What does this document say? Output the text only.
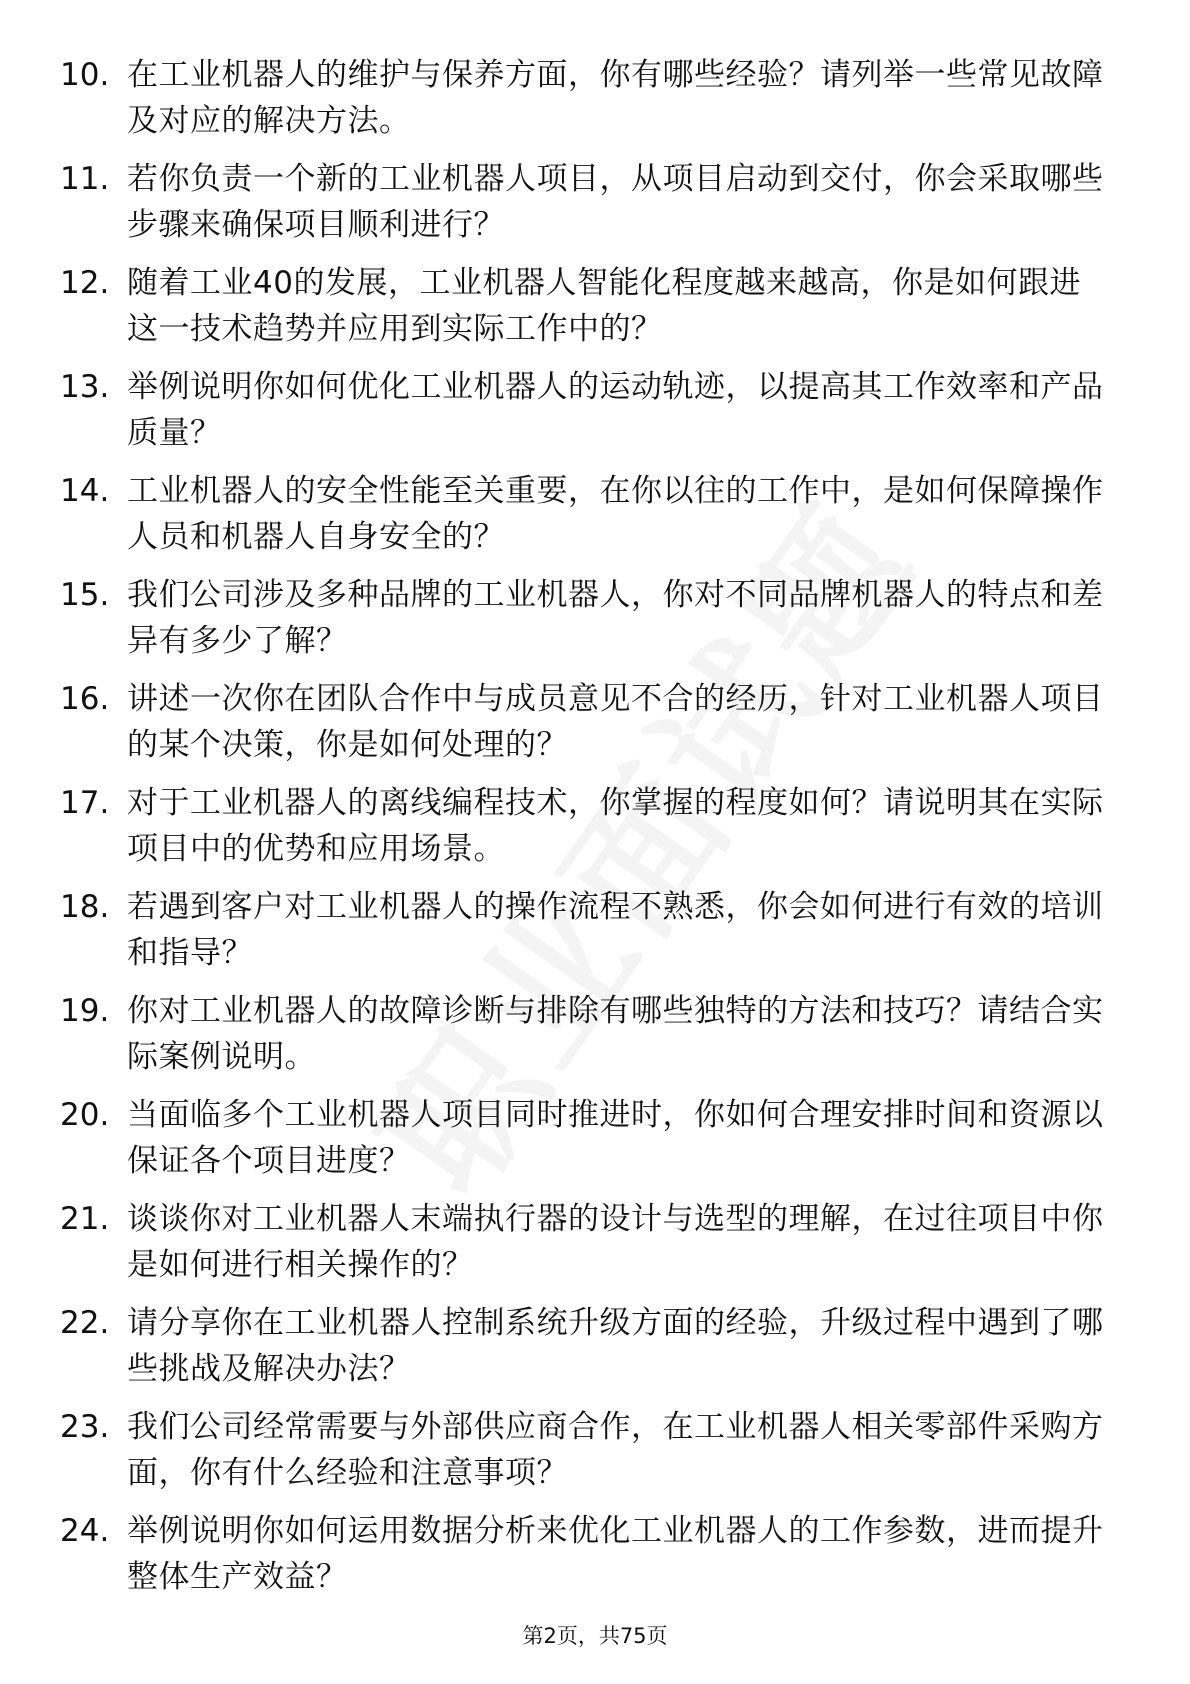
10. 在工业机器人的维护与保养方面，你有哪些经验？请列举一些常见故障及对应的解决方法。
11. 若你负责一个新的工业机器人项目，从项目启动到交付，你会采取哪些步骤来确保项目顺利进行？
12. 随着工业40的发展，工业机器人智能化程度越来越高，你是如何跟进这一技术趋势并应用到实际工作中的？
13. 举例说明你如何优化工业机器人的运动轨迹，以提高其工作效率和产品质量？
14. 工业机器人的安全性能至关重要，在你以往的工作中，是如何保障操作人员和机器人自身安全的？
15. 我们公司涉及多种品牌的工业机器人，你对不同品牌机器人的特点和差异有多少了解？
16. 讲述一次你在团队合作中与成员意见不合的经历，针对工业机器人项目的某个决策，你是如何处理的？
17. 对于工业机器人的离线编程技术，你掌握的程度如何？请说明其在实际项目中的优势和应用场景。
18. 若遇到客户对工业机器人的操作流程不熟悉，你会如何进行有效的培训和指导？
19. 你对工业机器人的故障诊断与排除有哪些独特的方法和技巧？请结合实际案例说明。
20. 当面临多个工业机器人项目同时推进时，你如何合理安排时间和资源以保证各个项目进度？
21. 谈谈你对工业机器人末端执行器的设计与选型的理解，在过往项目中你是如何进行相关操作的？
22. 请分享你在工业机器人控制系统升级方面的经验，升级过程中遇到了哪些挑战及解决办法？
23. 我们公司经常需要与外部供应商合作，在工业机器人相关零部件采购方面，你有什么经验和注意事项？
24. 举例说明你如何运用数据分析来优化工业机器人的工作参数，进而提升整体生产效益？
第2页，共75页
